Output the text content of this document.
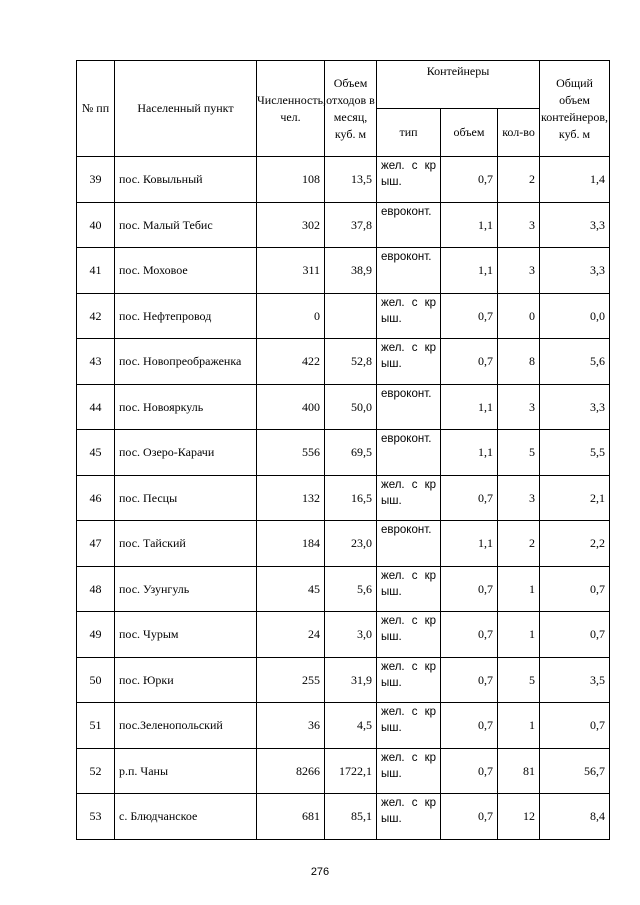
№ пп	Населенный пункт	Численность, чел.	Объем отходов в месяц, куб. м	Контейнеры			Общий объем контейнеров, куб. м
				тип	объем	кол-во	
39	пос. Ковыльный	108	13,5	жел. с крыш.	0,7	2	1,4
40	пос. Малый Тебис	302	37,8	евроконт.	1,1	3	3,3
41	пос. Моховое	311	38,9	евроконт.	1,1	3	3,3
42	пос. Нефтепровод	0		жел. с крыш.	0,7	0	0,0
43	пос. Новопреображенка	422	52,8	жел. с крыш.	0,7	8	5,6
44	пос. Новояркуль	400	50,0	евроконт.	1,1	3	3,3
45	пос. Озеро-Карачи	556	69,5	евроконт.	1,1	5	5,5
46	пос. Песцы	132	16,5	жел. с крыш.	0,7	3	2,1
47	пос. Тайский	184	23,0	евроконт.	1,1	2	2,2
48	пос. Узунгуль	45	5,6	жел. с крыш.	0,7	1	0,7
49	пос. Чурым	24	3,0	жел. с крыш.	0,7	1	0,7
50	пос. Юрки	255	31,9	жел. с крыш.	0,7	5	3,5
51	пос.Зеленопольский	36	4,5	жел. с крыш.	0,7	1	0,7
52	р.п. Чаны	8266	1722,1	жел. с крыш.	0,7	81	56,7
53	с. Блюдчанское	681	85,1	жел. с крыш.	0,7	12	8,4
276
